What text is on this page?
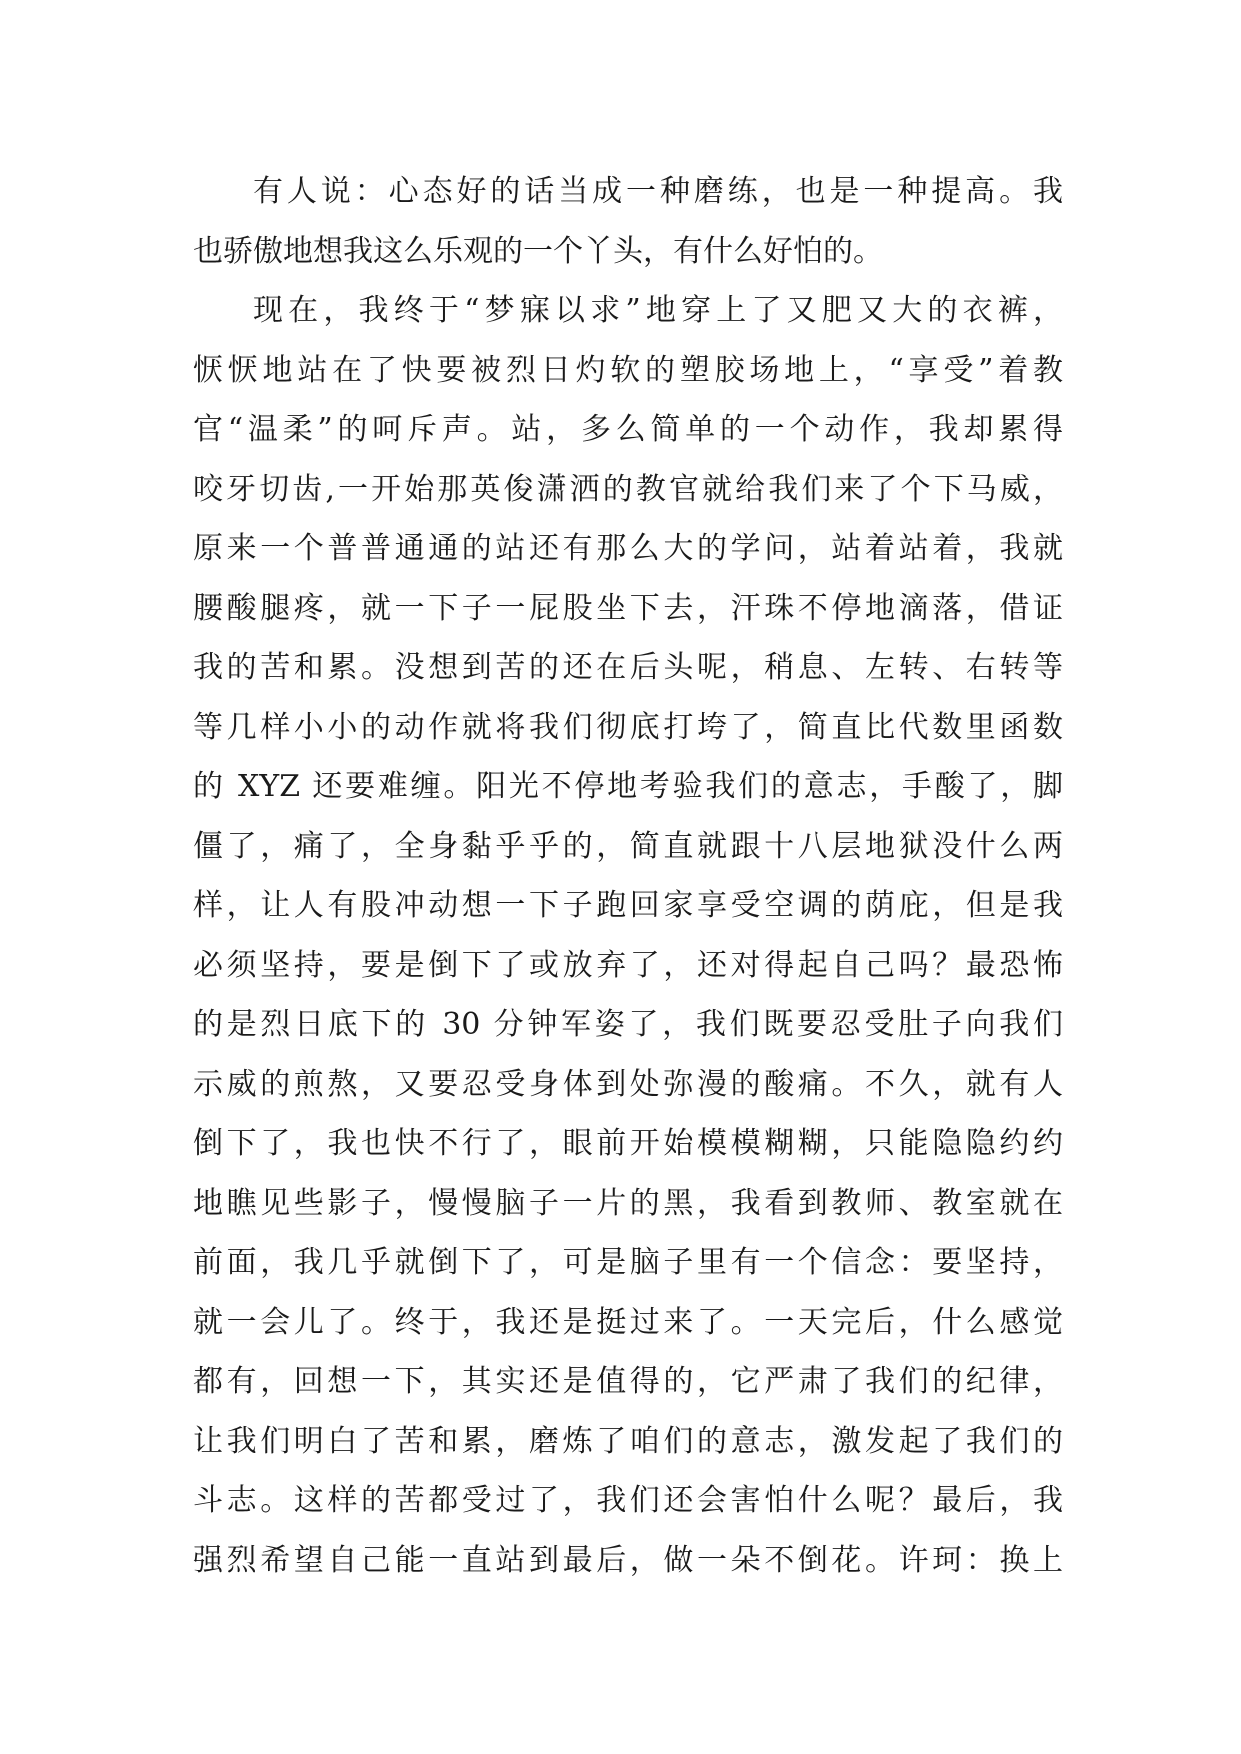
有人说：心态好的话当成一种磨练，也是一种提高。我
也骄傲地想我这么乐观的一个丫头，有什么好怕的。
现在，我终于“梦寐以求”地穿上了又肥又大的衣裤，
恹恹地站在了快要被烈日灼软的塑胶场地上，“享受”着教
官“温柔”的呵斥声。站，多么简单的一个动作，我却累得
咬牙切齿,一开始那英俊潇洒的教官就给我们来了个下马威，
原来一个普普通通的站还有那么大的学问，站着站着，我就
腰酸腿疼，就一下子一屁股坐下去，汗珠不停地滴落，借证
我的苦和累。没想到苦的还在后头呢，稍息、左转、右转等
等几样小小的动作就将我们彻底打垮了，简直比代数里函数
的 XYZ 还要难缠。阳光不停地考验我们的意志，手酸了，脚
僵了，痛了，全身黏乎乎的，简直就跟十八层地狱没什么两
样，让人有股冲动想一下子跑回家享受空调的荫庇，但是我
必须坚持，要是倒下了或放弃了，还对得起自己吗？最恐怖
的是烈日底下的 30 分钟军姿了，我们既要忍受肚子向我们
示威的煎熬，又要忍受身体到处弥漫的酸痛。不久，就有人
倒下了，我也快不行了，眼前开始模模糊糊，只能隐隐约约
地瞧见些影子，慢慢脑子一片的黑，我看到教师、教室就在
前面，我几乎就倒下了，可是脑子里有一个信念：要坚持，
就一会儿了。终于，我还是挺过来了。一天完后，什么感觉
都有，回想一下，其实还是值得的，它严肃了我们的纪律，
让我们明白了苦和累，磨炼了咱们的意志，激发起了我们的
斗志。这样的苦都受过了，我们还会害怕什么呢？最后，我
强烈希望自己能一直站到最后，做一朵不倒花。许珂：换上
